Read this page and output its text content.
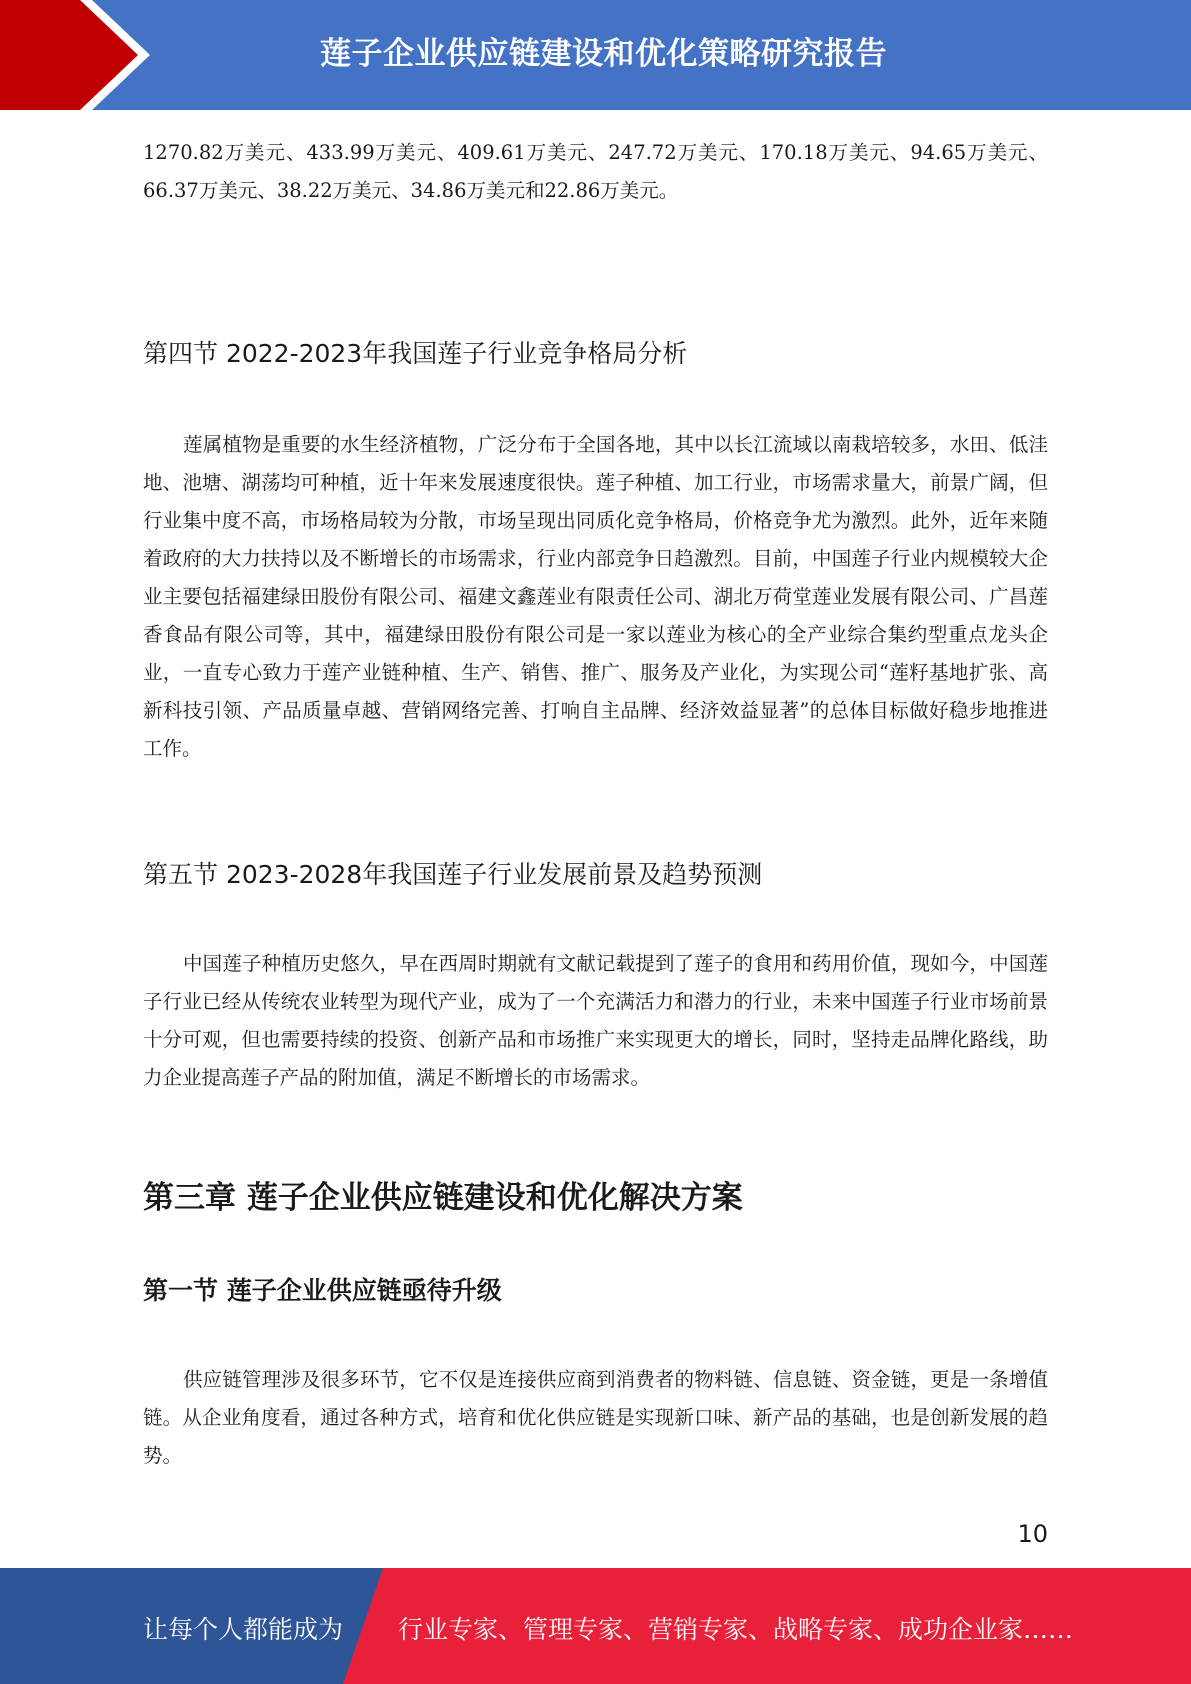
莲子企业供应链建设和优化策略研究报告

1270.82万美元、433.99万美元、409.61万美元、247.72万美元、170.18万美元、94.65万美元、66.37万美元、38.22万美元、34.86万美元和22.86万美元。

第四节 2022-2023年我国莲子行业竞争格局分析

莲属植物是重要的水生经济植物，广泛分布于全国各地，其中以长江流域以南栽培较多，水田、低洼地、池塘、湖荡均可种植，近十年来发展速度很快。莲子种植、加工行业，市场需求量大，前景广阔，但行业集中度不高，市场格局较为分散，市场呈现出同质化竞争格局，价格竞争尤为激烈。此外，近年来随着政府的大力扶持以及不断增长的市场需求，行业内部竞争日趋激烈。目前，中国莲子行业内规模较大企业主要包括福建绿田股份有限公司、福建文鑫莲业有限责任公司、湖北万荷堂莲业发展有限公司、广昌莲香食品有限公司等，其中，福建绿田股份有限公司是一家以莲业为核心的全产业综合集约型重点龙头企业，一直专心致力于莲产业链种植、生产、销售、推广、服务及产业化，为实现公司“莲籽基地扩张、高新科技引领、产品质量卓越、营销网络完善、打响自主品牌、经济效益显著”的总体目标做好稳步地推进工作。

第五节 2023-2028年我国莲子行业发展前景及趋势预测

中国莲子种植历史悠久，早在西周时期就有文献记载提到了莲子的食用和药用价值，现如今，中国莲子行业已经从传统农业转型为现代产业，成为了一个充满活力和潜力的行业，未来中国莲子行业市场前景十分可观，但也需要持续的投资、创新产品和市场推广来实现更大的增长，同时，坚持走品牌化路线，助力企业提高莲子产品的附加值，满足不断增长的市场需求。

第三章 莲子企业供应链建设和优化解决方案
第一节 莲子企业供应链亟待升级

供应链管理涉及很多环节，它不仅是连接供应商到消费者的物料链、信息链、资金链，更是一条增值链。从企业角度看，通过各种方式，培育和优化供应链是实现新口味、新产品的基础，也是创新发展的趋势。

10
让每个人都能成为 行业专家、管理专家、营销专家、战略专家、成功企业家……
